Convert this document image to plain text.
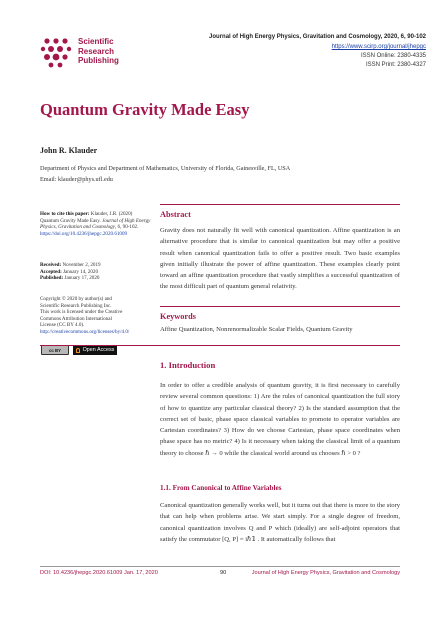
Scientific
Research
Publishing
Journal of High Energy Physics, Gravitation and Cosmology, 2020, 6, 90-102
https://www.scirp.org/journal/jhepgc
ISSN Online: 2380-4335
ISSN Print: 2380-4327
Quantum Gravity Made Easy
John R. Klauder
Department of Physics and Department of Mathematics, University of Florida, Gainesville, FL, USA
Email: klauder@phys.ufl.edu
How to cite this paper: Klauder, J.R. (2020) Quantum Gravity Made Easy. Journal of High Energy Physics, Gravitation and Cosmology, 6, 90-102.
https://doi.org/10.4236/jhepgc.2020.61009
Received: November 2, 2019
Accepted: January 14, 2020
Published: January 17, 2020
Copyright © 2020 by author(s) and
Scientific Research Publishing Inc.
This work is licensed under the Creative
Commons Attribution International
License (CC BY 4.0).
http://creativecommons.org/licenses/by/4.0/
cc BY	Open Access
Abstract
Gravity does not naturally fit well with canonical quantization. Affine quantization is an alternative procedure that is similar to canonical quantization but may offer a positive result when canonical quantization fails to offer a positive result. Two basic examples given initially illustrate the power of affine quantization. These examples clearly point toward an affine quantization procedure that vastly simplifies a successful quantization of the most difficult part of quantum general relativity.
Keywords
Affine Quantization, Nonrenormalizable Scalar Fields, Quantum Gravity
1. Introduction
In order to offer a credible analysis of quantum gravity, it is first necessary to carefully review several common questions: 1) Are the rules of canonical quantization the full story of how to quantize any particular classical theory? 2) Is the standard assumption that the correct set of basic, phase space classical variables to promote to operator variables are Cartesian coordinates? 3) How do we choose Cartesian, phase space coordinates when phase space has no metric? 4) Is it necessary when taking the classical limit of a quantum theory to choose ℏ → 0 while the classical world around us chooses ℏ > 0 ?
1.1. From Canonical to Affine Variables
Canonical quantization generally works well, but it turns out that there is more to the story that can help when problems arise. We start simply. For a single degree of freedom, canonical quantization involves Q and P which (ideally) are self-adjoint operators that satisfy the commutator [Q, P] = iℏ𝟙 . It automatically follows that
DOI: 10.4236/jhepgc.2020.61009 Jan. 17, 2020	90	Journal of High Energy Physics, Gravitation and Cosmology
